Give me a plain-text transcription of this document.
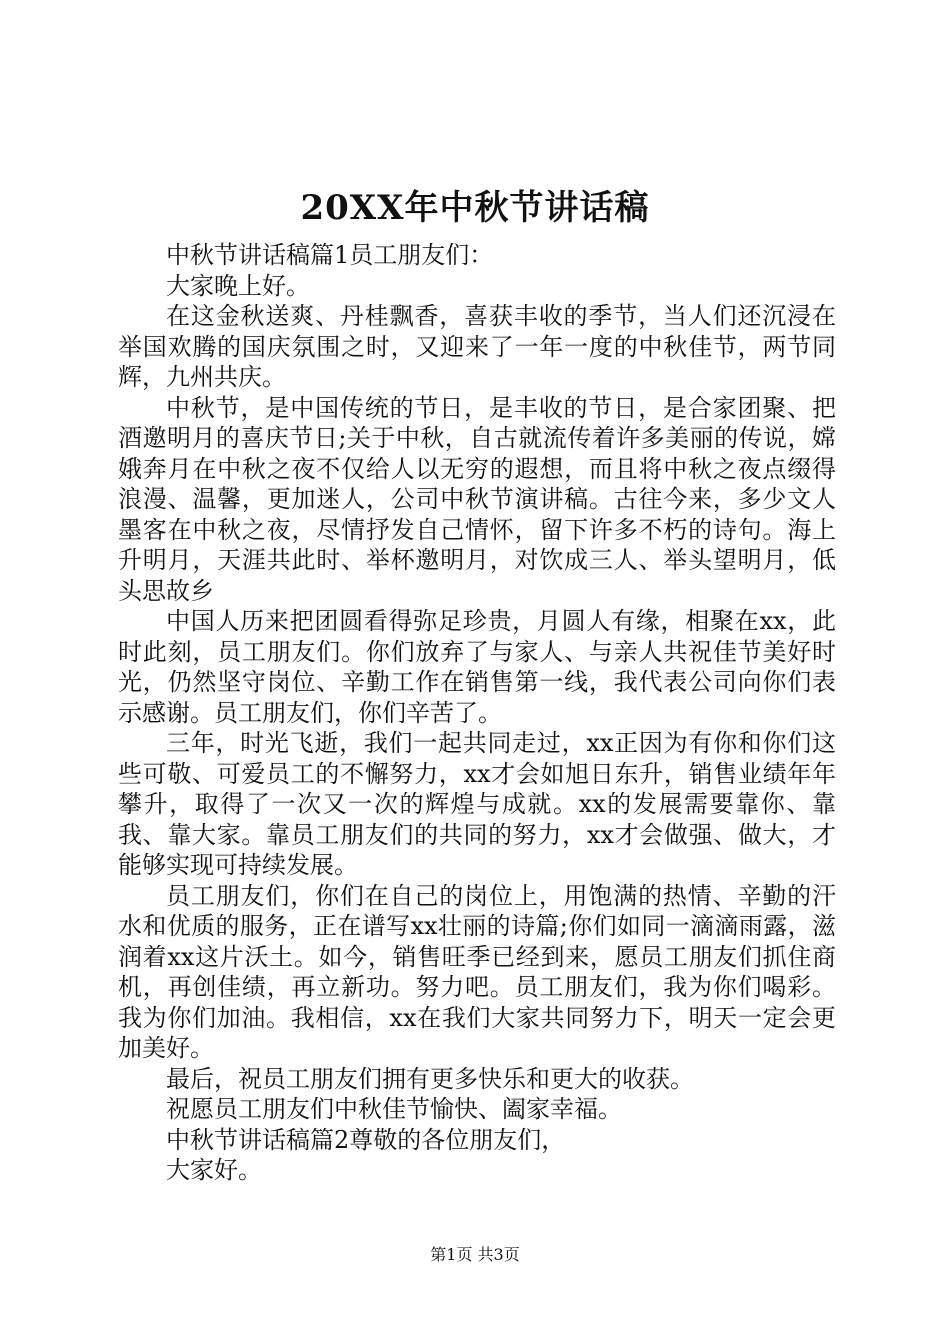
20XX年中秋节讲话稿

中秋节讲话稿篇1员工朋友们：

大家晚上好。

在这金秋送爽、丹桂飘香，喜获丰收的季节，当人们还沉浸在举国欢腾的国庆氛围之时，又迎来了一年一度的中秋佳节，两节同辉，九州共庆。

中秋节，是中国传统的节日，是丰收的节日，是合家团聚、把酒邀明月的喜庆节日;关于中秋，自古就流传着许多美丽的传说，嫦娥奔月在中秋之夜不仅给人以无穷的遐想，而且将中秋之夜点缀得浪漫、温馨，更加迷人，公司中秋节演讲稿。古往今来，多少文人墨客在中秋之夜，尽情抒发自己情怀，留下许多不朽的诗句。海上升明月，天涯共此时、举杯邀明月，对饮成三人、举头望明月，低头思故乡

中国人历来把团圆看得弥足珍贵，月圆人有缘，相聚在xx，此时此刻，员工朋友们。你们放弃了与家人、与亲人共祝佳节美好时光，仍然坚守岗位、辛勤工作在销售第一线，我代表公司向你们表示感谢。员工朋友们，你们辛苦了。

三年，时光飞逝，我们一起共同走过，xx正因为有你和你们这些可敬、可爱员工的不懈努力，xx才会如旭日东升，销售业绩年年攀升，取得了一次又一次的辉煌与成就。xx的发展需要靠你、靠我、靠大家。靠员工朋友们的共同的努力，xx才会做强、做大，才能够实现可持续发展。

员工朋友们，你们在自己的岗位上，用饱满的热情、辛勤的汗水和优质的服务，正在谱写xx壮丽的诗篇;你们如同一滴滴雨露，滋润着xx这片沃土。如今，销售旺季已经到来，愿员工朋友们抓住商机，再创佳绩，再立新功。努力吧。员工朋友们，我为你们喝彩。我为你们加油。我相信，xx在我们大家共同努力下，明天一定会更加美好。

最后，祝员工朋友们拥有更多快乐和更大的收获。

祝愿员工朋友们中秋佳节愉快、阖家幸福。

中秋节讲话稿篇2尊敬的各位朋友们，

大家好。

第1页 共3页
